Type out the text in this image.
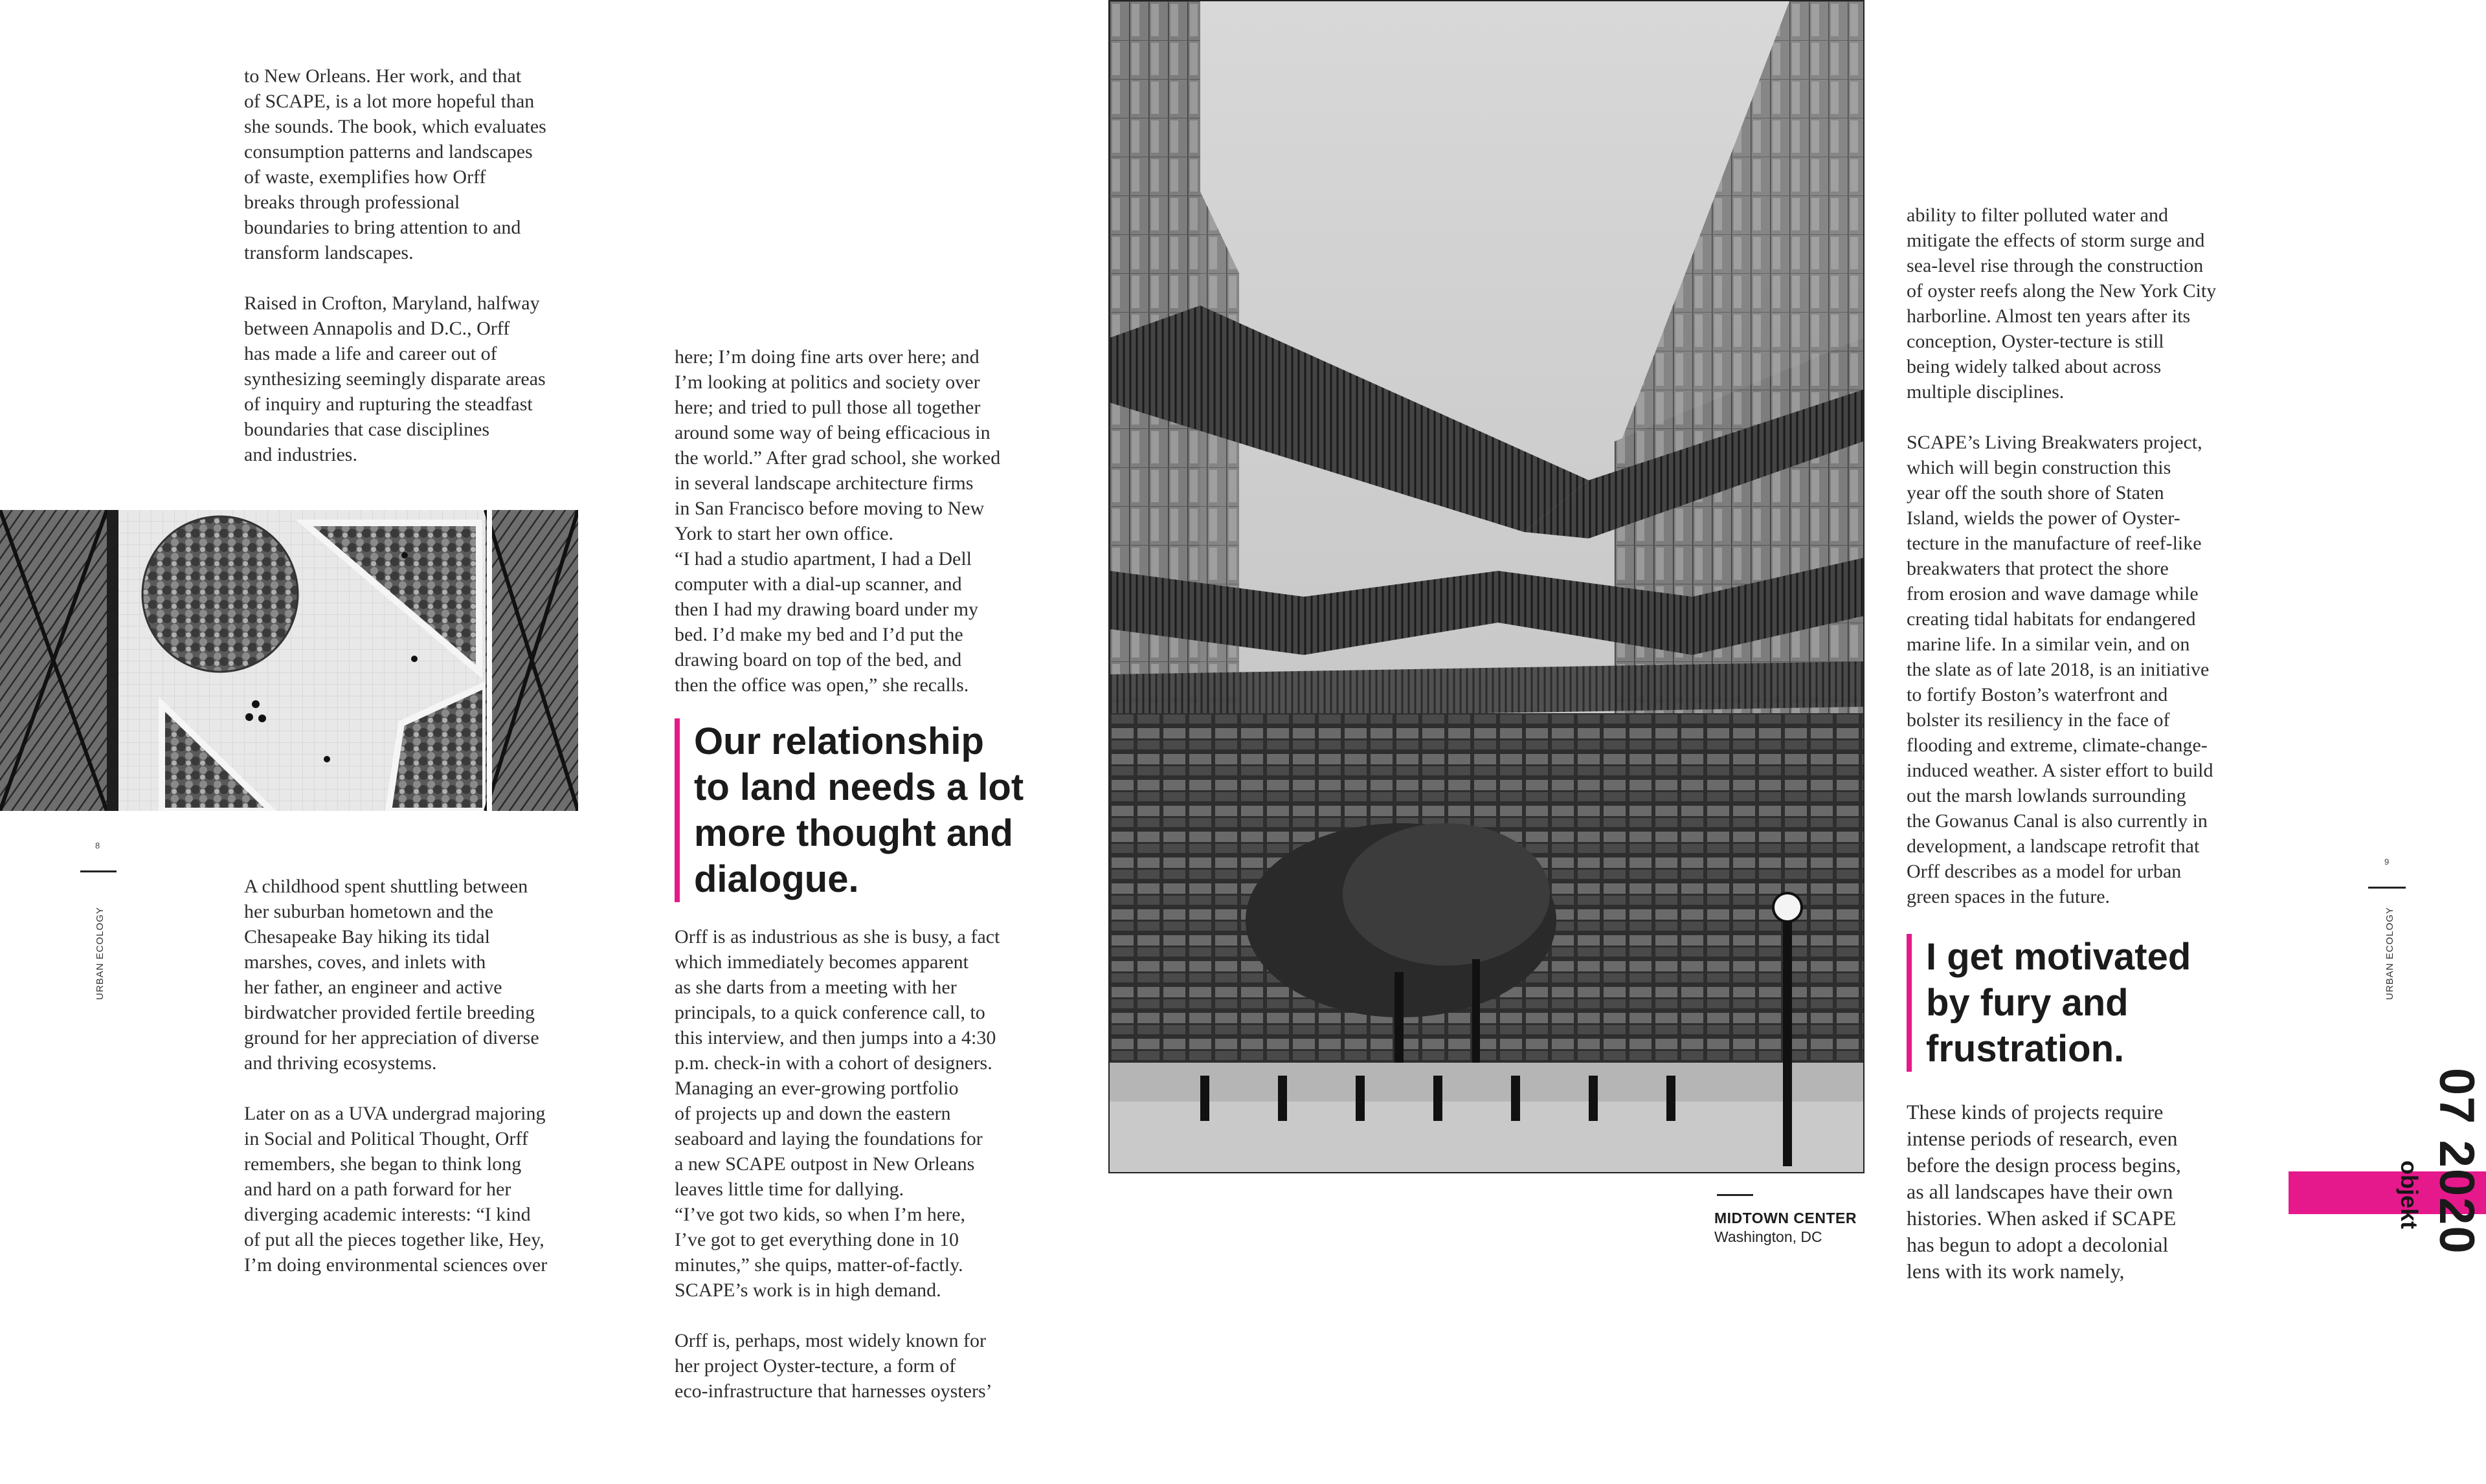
to New Orleans. Her work, and that
of SCAPE, is a lot more hopeful than
she sounds. The book, which evaluates
consumption patterns and landscapes
of waste, exemplifies how Orff
breaks through professional
boundaries to bring attention to and
transform landscapes.

Raised in Crofton, Maryland, halfway
between Annapolis and D.C., Orff
has made a life and career out of
synthesizing seemingly disparate areas
of inquiry and rupturing the steadfast
boundaries that case disciplines
and industries.

8
URBAN ECOLOGY

A childhood spent shuttling between
her suburban hometown and the
Chesapeake Bay hiking its tidal
marshes, coves, and inlets with
her father, an engineer and active
birdwatcher provided fertile breeding
ground for her appreciation of diverse
and thriving ecosystems.

Later on as a UVA undergrad majoring
in Social and Political Thought, Orff
remembers, she began to think long
and hard on a path forward for her
diverging academic interests: “I kind
of put all the pieces together like, Hey,
I’m doing environmental sciences over

here; I’m doing fine arts over here; and
I’m looking at politics and society over
here; and tried to pull those all together
around some way of being efficacious in
the world.” After grad school, she worked
in several landscape architecture firms
in San Francisco before moving to New
York to start her own office.
“I had a studio apartment, I had a Dell
computer with a dial-up scanner, and
then I had my drawing board under my
bed. I’d make my bed and I’d put the
drawing board on top of the bed, and
then the office was open,” she recalls.

Our relationship
to land needs a lot
more thought and
dialogue.

Orff is as industrious as she is busy, a fact
which immediately becomes apparent
as she darts from a meeting with her
principals, to a quick conference call, to
this interview, and then jumps into a 4:30
p.m. check-in with a cohort of designers.
Managing an ever-growing portfolio
of projects up and down the eastern
seaboard and laying the foundations for
a new SCAPE outpost in New Orleans
leaves little time for dallying.
“I’ve got two kids, so when I’m here,
I’ve got to get everything done in 10
minutes,” she quips, matter-of-factly.
SCAPE’s work is in high demand.

Orff is, perhaps, most widely known for
her project Oyster-tecture, a form of
eco-infrastructure that harnesses oysters’

MIDTOWN CENTER
Washington, DC

ability to filter polluted water and
mitigate the effects of storm surge and
sea-level rise through the construction
of oyster reefs along the New York City
harborline. Almost ten years after its
conception, Oyster-tecture is still
being widely talked about across
multiple disciplines.

SCAPE’s Living Breakwaters project,
which will begin construction this
year off the south shore of Staten
Island, wields the power of Oyster-
tecture in the manufacture of reef-like
breakwaters that protect the shore
from erosion and wave damage while
creating tidal habitats for endangered
marine life. In a similar vein, and on
the slate as of late 2018, is an initiative
to fortify Boston’s waterfront and
bolster its resiliency in the face of
flooding and extreme, climate-change-
induced weather. A sister effort to build
out the marsh lowlands surrounding
the Gowanus Canal is also currently in
development, a landscape retrofit that
Orff describes as a model for urban
green spaces in the future.

I get motivated
by fury and
frustration.

These kinds of projects require
intense periods of research, even
before the design process begins,
as all landscapes have their own
histories. When asked if SCAPE
has begun to adopt a decolonial
lens with its work namely,

9
URBAN ECOLOGY
objekt 07 2020
